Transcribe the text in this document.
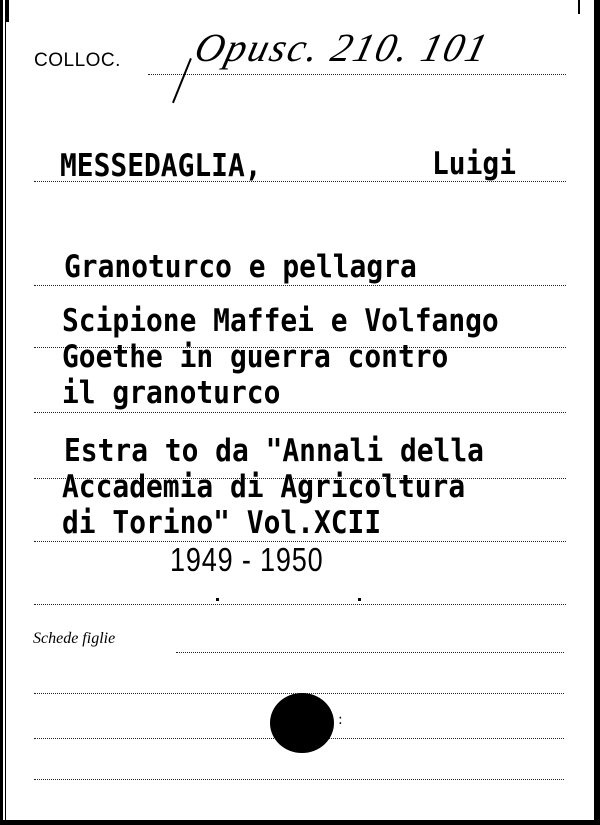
COLLOC. Opusc. 210. 101
MESSEDAGLIA,	Luigi
Granoturco e pellagra
Scipione Maffei e Volfango
Goethe in guerra contro
il granoturco
Estra to da "Annali della
Accademia di Agricoltura
di Torino" Vol.XCII
1949 - 1950
Schede figlie
:
